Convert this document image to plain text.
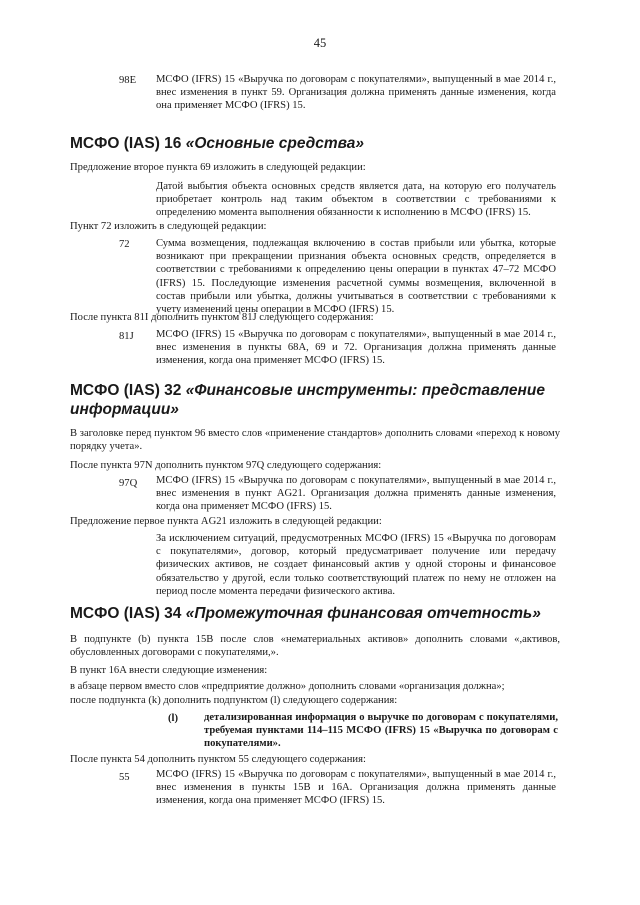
45
98E МСФО (IFRS) 15 «Выручка по договорам с покупателями», выпущенный в мае 2014 г., внес изменения в пункт 59. Организация должна применять данные изменения, когда она применяет МСФО (IFRS) 15.
МСФО (IAS) 16 «Основные средства»
Предложение второе пункта 69 изложить в следующей редакции:
Датой выбытия объекта основных средств является дата, на которую его получатель приобретает контроль над таким объектом в соответствии с требованиями к определению момента выполнения обязанности к исполнению в МСФО (IFRS) 15.
Пункт 72 изложить в следующей редакции:
72 Сумма возмещения, подлежащая включению в состав прибыли или убытка, которые возникают при прекращении признания объекта основных средств, определяется в соответствии с требованиями к определению цены операции в пунктах 47–72 МСФО (IFRS) 15. Последующие изменения расчетной суммы возмещения, включенной в состав прибыли или убытка, должны учитываться в соответствии с требованиями к учету изменений цены операции в МСФО (IFRS) 15.
После пункта 81I дополнить пунктом 81J следующего содержания:
81J МСФО (IFRS) 15 «Выручка по договорам с покупателями», выпущенный в мае 2014 г., внес изменения в пункты 68A, 69 и 72. Организация должна применять данные изменения, когда она применяет МСФО (IFRS) 15.
МСФО (IAS) 32 «Финансовые инструменты: представление
информации»
В заголовке перед пунктом 96 вместо слов «применение стандартов» дополнить словами «переход к новому порядку учета».
После пункта 97N дополнить пунктом 97Q следующего содержания:
97Q МСФО (IFRS) 15 «Выручка по договорам с покупателями», выпущенный в мае 2014 г., внес изменения в пункт AG21. Организация должна применять данные изменения, когда она применяет МСФО (IFRS) 15.
Предложение первое пункта AG21 изложить в следующей редакции:
За исключением ситуаций, предусмотренных МСФО (IFRS) 15 «Выручка по договорам с покупателями», договор, который предусматривает получение или передачу физических активов, не создает финансовый актив у одной стороны и финансовое обязательство у другой, если только соответствующий платеж по нему не отложен на период после момента передачи физического актива.
МСФО (IAS) 34 «Промежуточная финансовая отчетность»
В подпункте (b) пункта 15B после слов «нематериальных активов» дополнить словами «,активов, обусловленных договорами с покупателями,».
В пункт 16A внести следующие изменения:
в абзаце первом вместо слов «предприятие должно» дополнить словами «организация должна»;
после подпункта (k) дополнить подпунктом (l) следующего содержания:
(l) детализированная информация о выручке по договорам с покупателями, требуемая пунктами 114–115 МСФО (IFRS) 15 «Выручка по договорам с покупателями».
После пункта 54 дополнить пунктом 55 следующего содержания:
55 МСФО (IFRS) 15 «Выручка по договорам с покупателями», выпущенный в мае 2014 г., внес изменения в пункты 15B и 16A. Организация должна применять данные изменения, когда она применяет МСФО (IFRS) 15.
